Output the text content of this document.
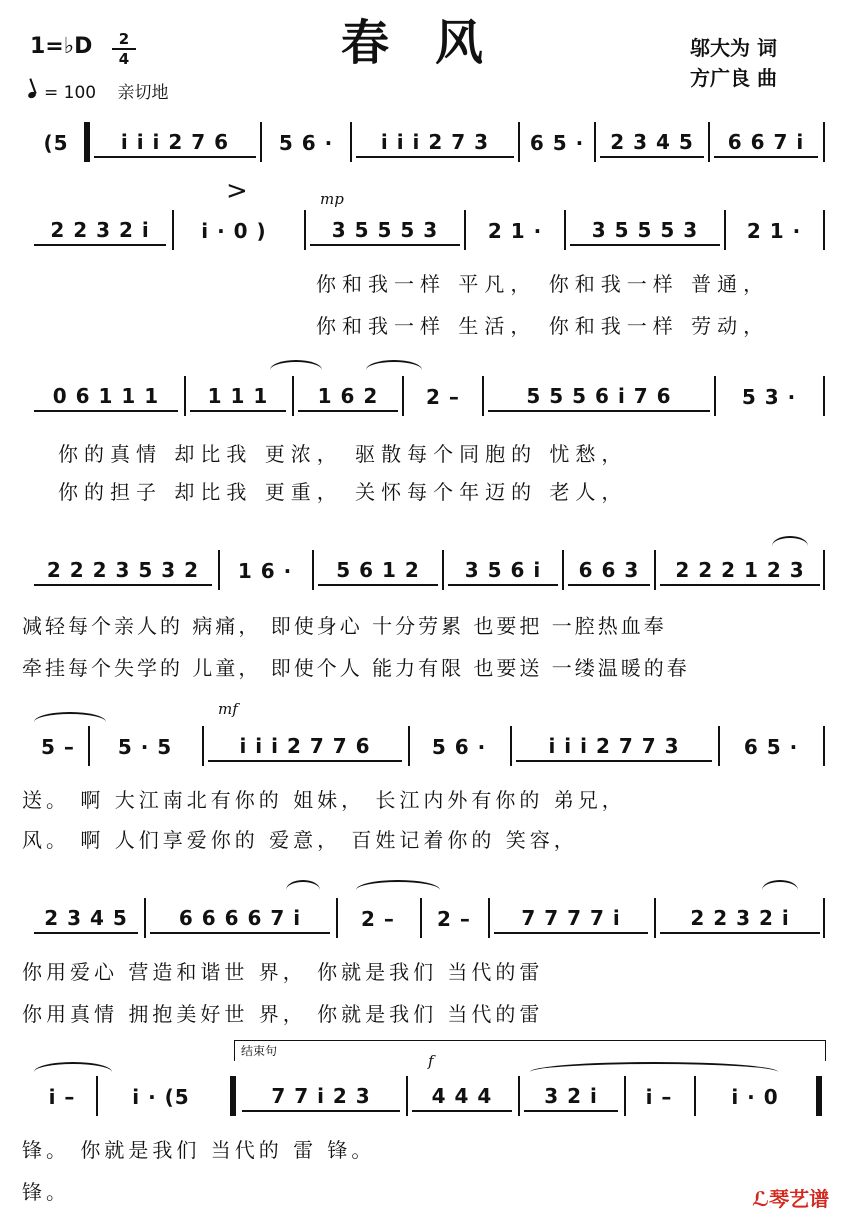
春风
1=♭D	2
4
= 100 亲切地
邬大为 词
方广良 曲
(5	i i i 2 7 6	5 6 ·	i i i 2 7 3	6 5 ·	2 3 4 5	6 6 7 i
>	mp
2 2 3 2 i	i · 0 )	3 5 5 5 3	2 1 ·	3 5 5 5 3	2 1 ·
你和我一样 平凡， 你和我一样 普通，
你和我一样 生活， 你和我一样 劳动，
0 6 1 1 1	1 1 1	1 6 2	2 –	5 5 5 6 i 7 6	5 3 ·
你的真情 却比我 更浓， 驱散每个同胞的 忧愁，
你的担子 却比我 更重， 关怀每个年迈的 老人，
2 2 2 3 5 3 2	1 6 ·	5 6 1 2	3 5 6 i	6 6 3	2 2 2 1 2 3
减轻每个亲人的 病痛， 即使身心 十分劳累 也要把 一腔热血奉
牵挂每个失学的 儿童， 即使个人 能力有限 也要送 一缕温暖的春
mf
5 –	5 · 5	i i i 2 7 7 6	5 6 ·	i i i 2 7 7 3	6 5 ·
送。 啊 大江南北有你的 姐妹， 长江内外有你的 弟兄，
风。 啊 人们享爱你的 爱意， 百姓记着你的 笑容，
2 3 4 5	6 6 6 6 7 i	2 –	2 –	7 7 7 7 i	2 2 3 2 i
你用爱心 营造和谐世 界， 你就是我们 当代的雷
你用真情 拥抱美好世 界， 你就是我们 当代的雷
结束句
f
i –	i · (5	7 7 i 2 3	4 4 4	3 2 i	i –	i · 0
锋。 你就是我们 当代的 雷 锋。
锋。	ℒ琴艺谱
